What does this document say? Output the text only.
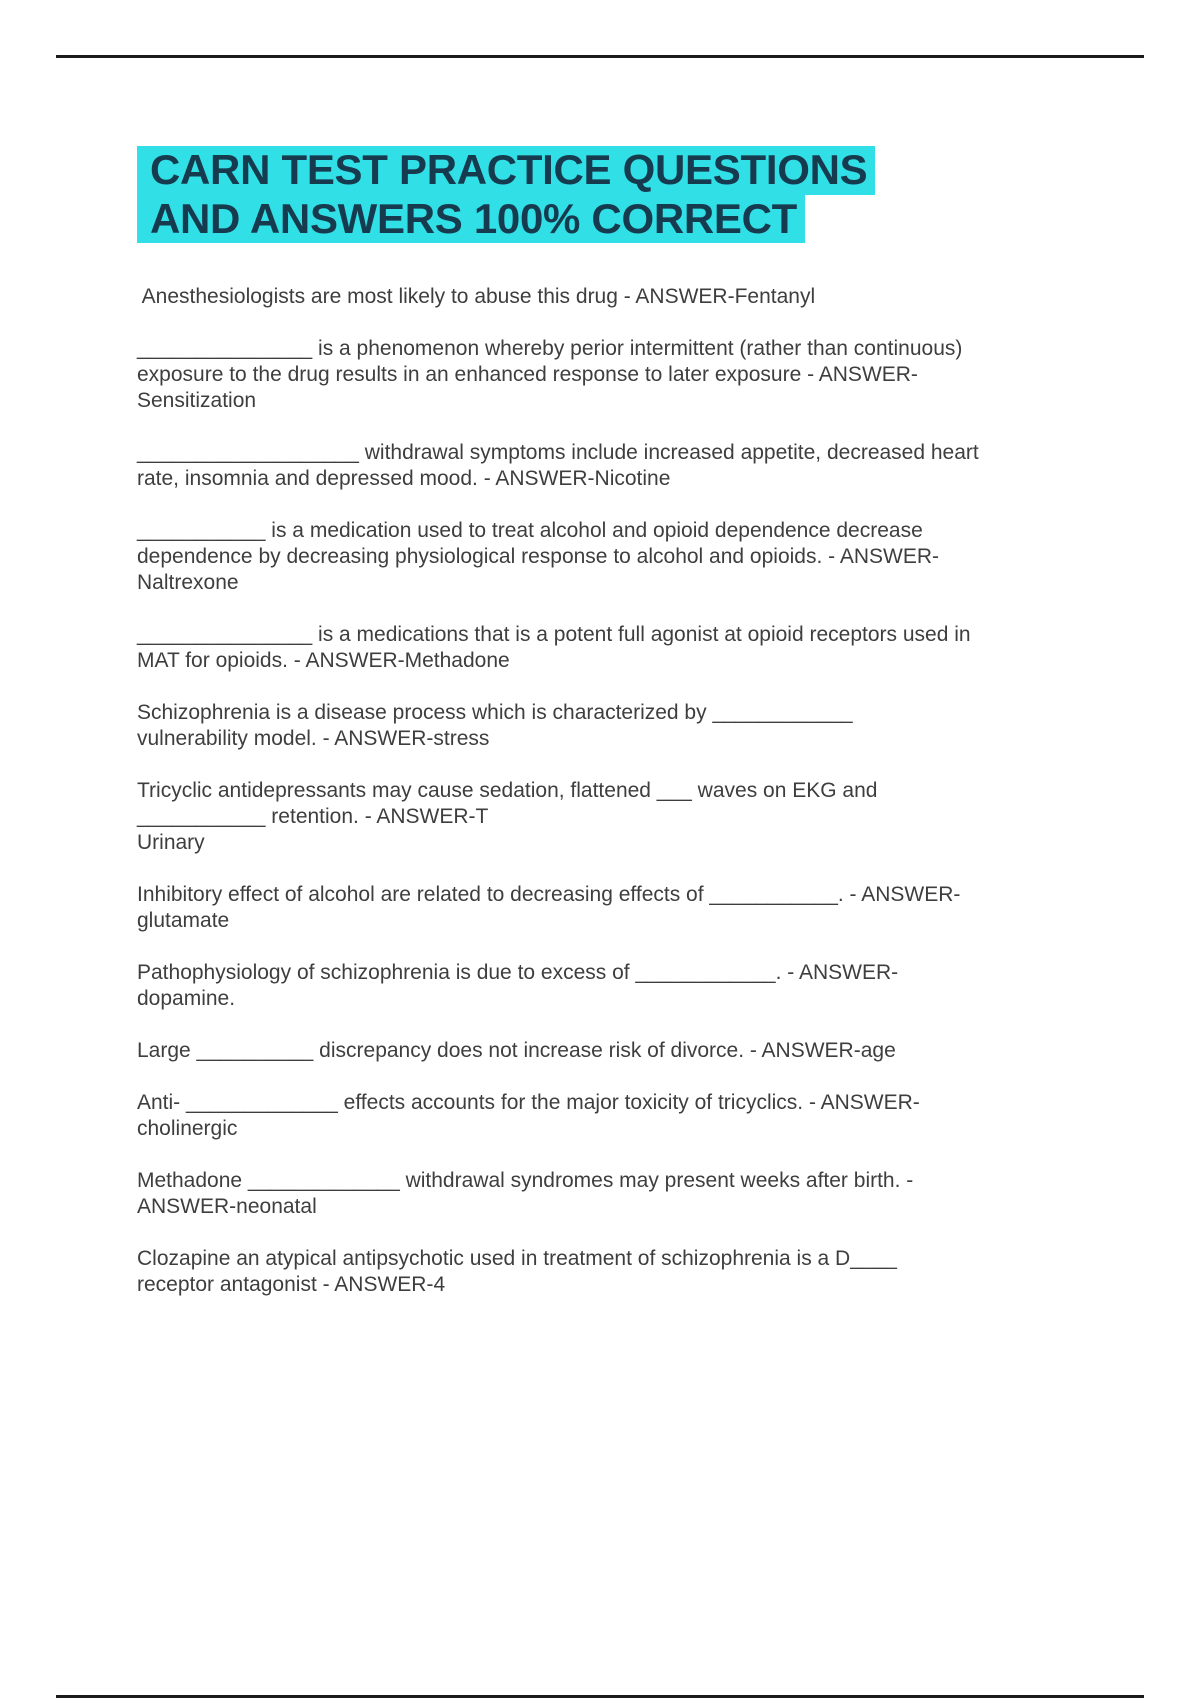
CARN TEST PRACTICE QUESTIONS
AND ANSWERS 100% CORRECT
Anesthesiologists are most likely to abuse this drug - ANSWER-Fentanyl
_______________ is a phenomenon whereby perior intermittent (rather than continuous)
exposure to the drug results in an enhanced response to later exposure - ANSWER-
Sensitization
___________________ withdrawal symptoms include increased appetite, decreased heart
rate, insomnia and depressed mood. - ANSWER-Nicotine
___________ is a medication used to treat alcohol and opioid dependence decrease
dependence by decreasing physiological response to alcohol and opioids. - ANSWER-
Naltrexone
_______________ is a medications that is a potent full agonist at opioid receptors used in
MAT for opioids. - ANSWER-Methadone
Schizophrenia is a disease process which is characterized by ____________
vulnerability model. - ANSWER-stress
Tricyclic antidepressants may cause sedation, flattened ___ waves on EKG and
___________ retention. - ANSWER-T
Urinary
Inhibitory effect of alcohol are related to decreasing effects of ___________. - ANSWER-
glutamate
Pathophysiology of schizophrenia is due to excess of ____________. - ANSWER-
dopamine.
Large __________ discrepancy does not increase risk of divorce. - ANSWER-age
Anti- _____________ effects accounts for the major toxicity of tricyclics. - ANSWER-
cholinergic
Methadone _____________ withdrawal syndromes may present weeks after birth. -
ANSWER-neonatal
Clozapine an atypical antipsychotic used in treatment of schizophrenia is a D____
receptor antagonist - ANSWER-4
